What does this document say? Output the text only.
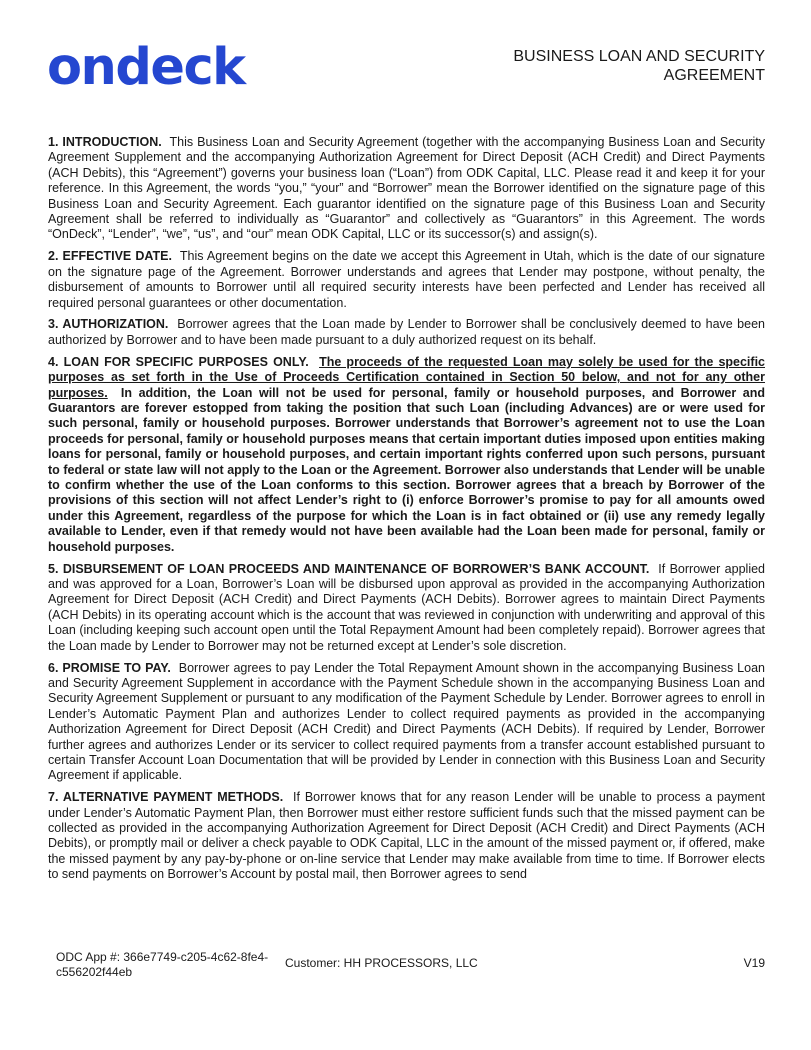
ondeck	BUSINESS LOAN AND SECURITY
AGREEMENT

1. INTRODUCTION. This Business Loan and Security Agreement (together with the accompanying Business Loan and Security Agreement Supplement and the accompanying Authorization Agreement for Direct Deposit (ACH Credit) and Direct Payments (ACH Debits), this “Agreement”) governs your business loan (“Loan”) from ODK Capital, LLC. Please read it and keep it for your reference. In this Agreement, the words “you,” “your” and “Borrower” mean the Borrower identified on the signature page of this Business Loan and Security Agreement. Each guarantor identified on the signature page of this Business Loan and Security Agreement shall be referred to individually as “Guarantor” and collectively as “Guarantors” in this Agreement. The words “OnDeck”, “Lender”, “we”, “us”, and “our” mean ODK Capital, LLC or its successor(s) and assign(s).

2. EFFECTIVE DATE. This Agreement begins on the date we accept this Agreement in Utah, which is the date of our signature on the signature page of the Agreement. Borrower understands and agrees that Lender may postpone, without penalty, the disbursement of amounts to Borrower until all required security interests have been perfected and Lender has received all required personal guarantees or other documentation.

3. AUTHORIZATION. Borrower agrees that the Loan made by Lender to Borrower shall be conclusively deemed to have been authorized by Borrower and to have been made pursuant to a duly authorized request on its behalf.

4. LOAN FOR SPECIFIC PURPOSES ONLY. The proceeds of the requested Loan may solely be used for the specific purposes as set forth in the Use of Proceeds Certification contained in Section 50 below, and not for any other purposes. In addition, the Loan will not be used for personal, family or household purposes, and Borrower and Guarantors are forever estopped from taking the position that such Loan (including Advances) are or were used for such personal, family or household purposes. Borrower understands that Borrower’s agreement not to use the Loan proceeds for personal, family or household purposes means that certain important duties imposed upon entities making loans for personal, family or household purposes, and certain important rights conferred upon such persons, pursuant to federal or state law will not apply to the Loan or the Agreement. Borrower also understands that Lender will be unable to confirm whether the use of the Loan conforms to this section. Borrower agrees that a breach by Borrower of the provisions of this section will not affect Lender’s right to (i) enforce Borrower’s promise to pay for all amounts owed under this Agreement, regardless of the purpose for which the Loan is in fact obtained or (ii) use any remedy legally available to Lender, even if that remedy would not have been available had the Loan been made for personal, family or household purposes.

5. DISBURSEMENT OF LOAN PROCEEDS AND MAINTENANCE OF BORROWER’S BANK ACCOUNT. If Borrower applied and was approved for a Loan, Borrower’s Loan will be disbursed upon approval as provided in the accompanying Authorization Agreement for Direct Deposit (ACH Credit) and Direct Payments (ACH Debits). Borrower agrees to maintain Direct Payments (ACH Debits) in its operating account which is the account that was reviewed in conjunction with underwriting and approval of this Loan (including keeping such account open until the Total Repayment Amount had been completely repaid). Borrower agrees that the Loan made by Lender to Borrower may not be returned except at Lender’s sole discretion.

6. PROMISE TO PAY. Borrower agrees to pay Lender the Total Repayment Amount shown in the accompanying Business Loan and Security Agreement Supplement in accordance with the Payment Schedule shown in the accompanying Business Loan and Security Agreement Supplement or pursuant to any modification of the Payment Schedule by Lender. Borrower agrees to enroll in Lender’s Automatic Payment Plan and authorizes Lender to collect required payments as provided in the accompanying Authorization Agreement for Direct Deposit (ACH Credit) and Direct Payments (ACH Debits). If required by Lender, Borrower further agrees and authorizes Lender or its servicer to collect required payments from a transfer account established pursuant to certain Transfer Account Loan Documentation that will be provided by Lender in connection with this Business Loan and Security Agreement if applicable.

7. ALTERNATIVE PAYMENT METHODS. If Borrower knows that for any reason Lender will be unable to process a payment under Lender’s Automatic Payment Plan, then Borrower must either restore sufficient funds such that the missed payment can be collected as provided in the accompanying Authorization Agreement for Direct Deposit (ACH Credit) and Direct Payments (ACH Debits), or promptly mail or deliver a check payable to ODK Capital, LLC in the amount of the missed payment or, if offered, make the missed payment by any pay-by-phone or on-line service that Lender may make available from time to time. If Borrower elects to send payments on Borrower’s Account by postal mail, then Borrower agrees to send

ODC App #: 366e7749-c205-4c62-8fe4-c556202f44eb
Customer: HH PROCESSORS, LLC	V19
